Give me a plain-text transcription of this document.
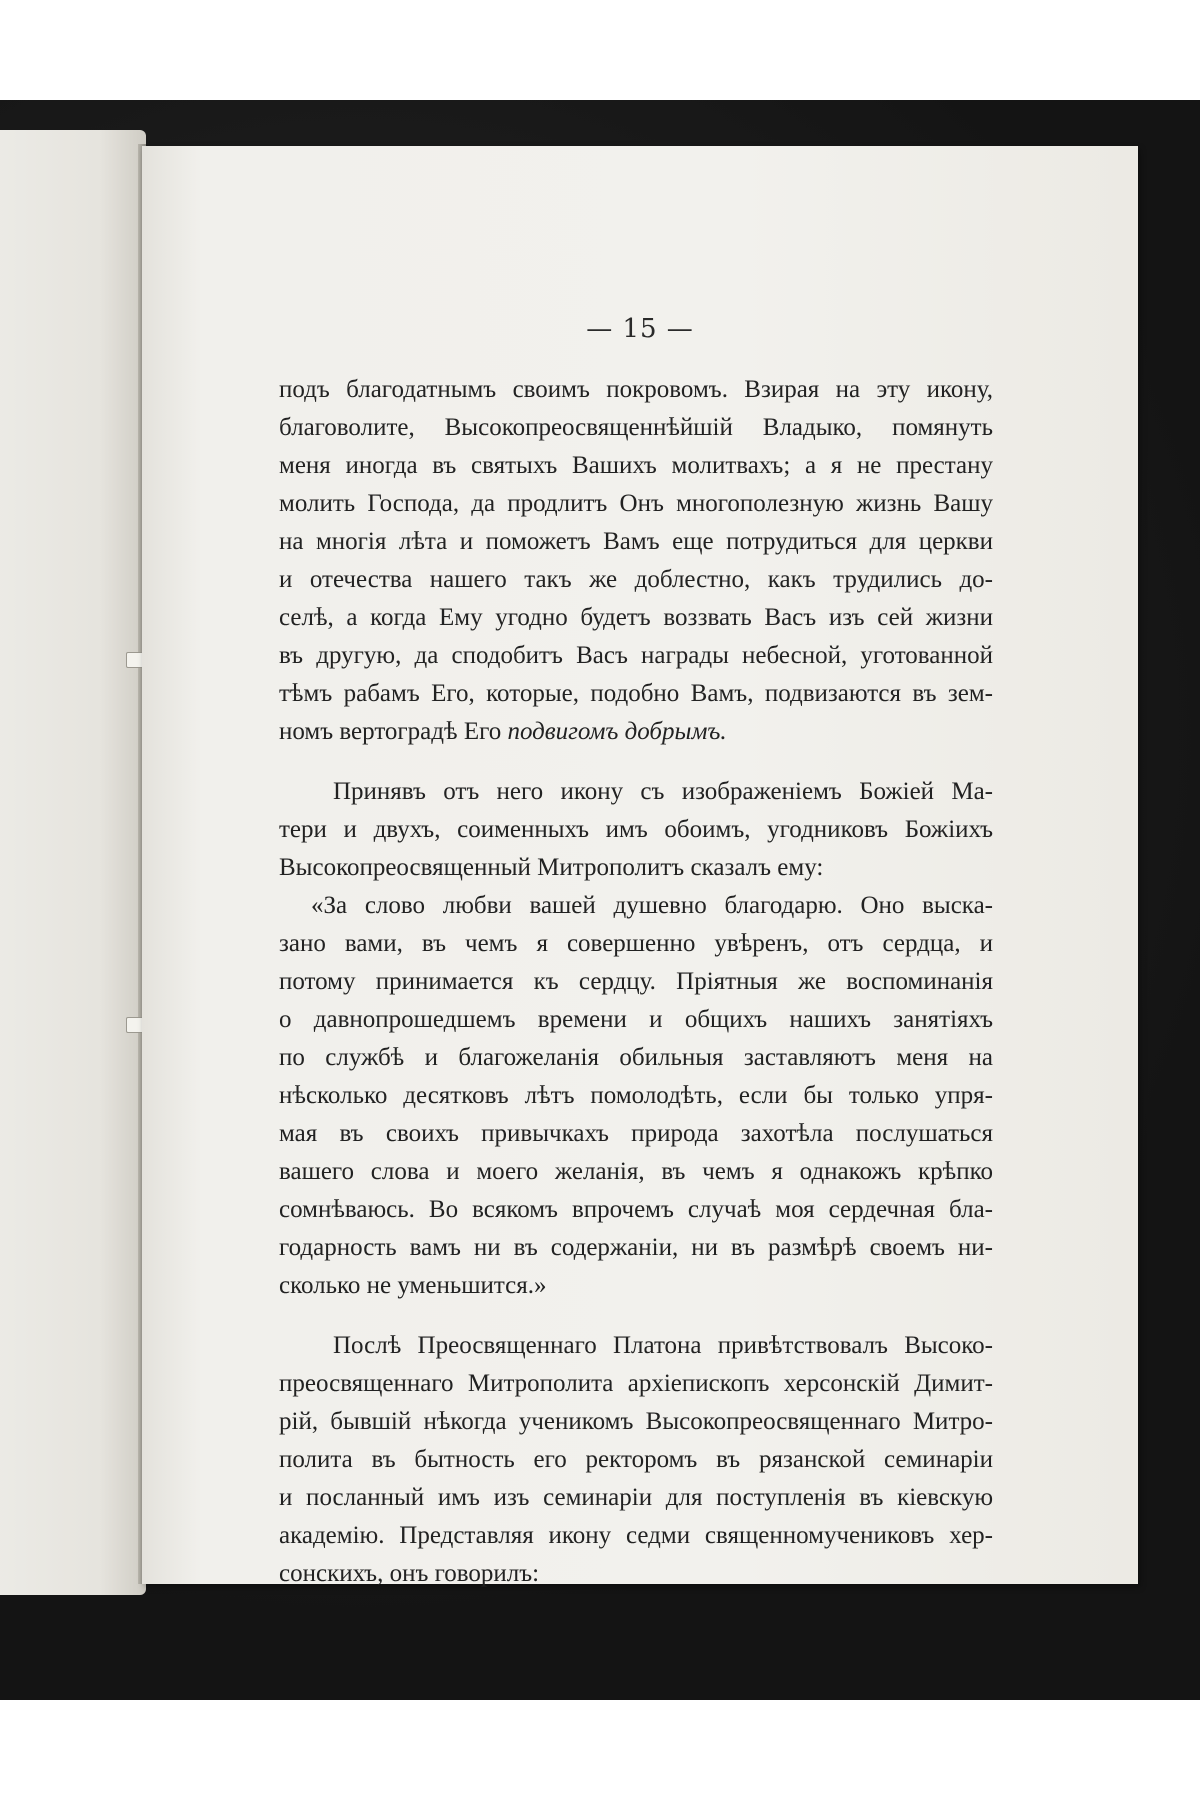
— 15 —
подъ благодатнымъ своимъ покровомъ. Взирая на эту икону,
благоволите, Высокопреосвященнѣйшій Владыко, помянуть
меня иногда въ святыхъ Вашихъ молитвахъ; а я не престану
молить Господа, да продлитъ Онъ многополезную жизнь Вашу
на многія лѣта и поможетъ Вамъ еще потрудиться для церкви
и отечества нашего такъ же доблестно, какъ трудились до-
селѣ, а когда Ему угодно будетъ воззвать Васъ изъ сей жизни
въ другую, да сподобитъ Васъ награды небесной, уготованной
тѣмъ рабамъ Его, которые, подобно Вамъ, подвизаются въ зем-
номъ вертоградѣ Его подвигомъ добрымъ.
Принявъ отъ него икону съ изображеніемъ Божіей Ма-
тери и двухъ, соименныхъ имъ обоимъ, угодниковъ Божіихъ
Высокопреосвященный Митрополитъ сказалъ ему:
«За слово любви вашей душевно благодарю. Оно выска-
зано вами, въ чемъ я совершенно увѣренъ, отъ сердца, и
потому принимается къ сердцу. Пріятныя же воспоминанія
о давнопрошедшемъ времени и общихъ нашихъ занятіяхъ
по службѣ и благожеланія обильныя заставляютъ меня на
нѣсколько десятковъ лѣтъ помолодѣть, если бы только упря-
мая въ своихъ привычкахъ природа захотѣла послушаться
вашего слова и моего желанія, въ чемъ я однакожъ крѣпко
сомнѣваюсь. Во всякомъ впрочемъ случаѣ моя сердечная бла-
годарность вамъ ни въ содержаніи, ни въ размѣрѣ своемъ ни-
сколько не уменьшится.»
Послѣ Преосвященнаго Платона привѣтствовалъ Высоко-
преосвященнаго Митрополита архіепископъ херсонскій Димит-
рій, бывшій нѣкогда ученикомъ Высокопреосвященнаго Митро-
полита въ бытность его ректоромъ въ рязанской семинаріи
и посланный имъ изъ семинаріи для поступленія въ кіевскую
академію. Представляя икону седми священномучениковъ хер-
сонскихъ, онъ говорилъ:
